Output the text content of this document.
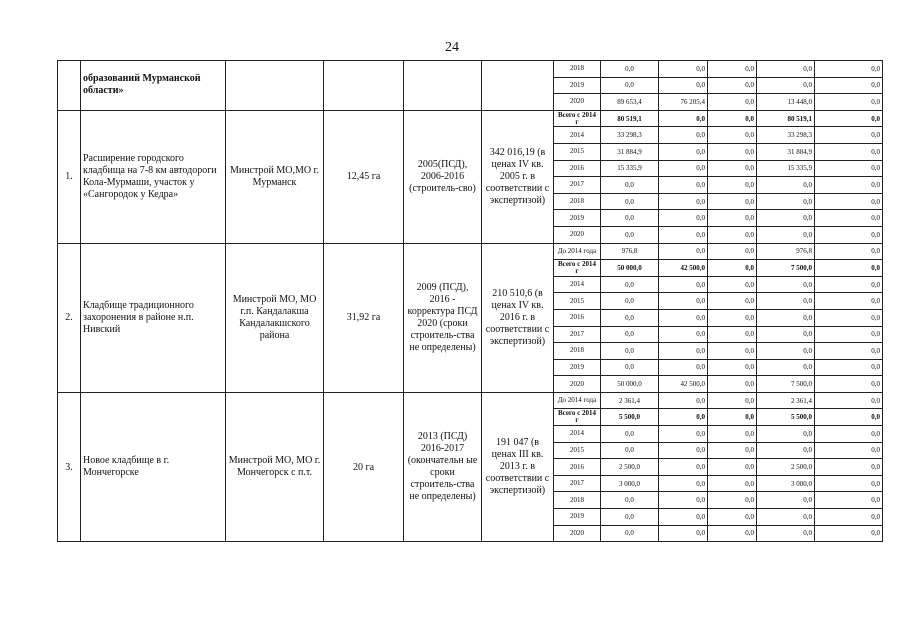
24
	образований Мурманской области»					2018	0,0	0,0	0,0	0,0	0,0
						2019	0,0	0,0	0,0	0,0	0,0
						2020	89 653,4	76 205,4	0,0	13 448,0	0,0
1.	Расширение городского кладбища на 7-8 км автодороги Кола-Мурмаши, участок у «Сангородок у Кедра»	Минстрой МО,МО г. Мурманск	12,45 га	2005(ПСД), 2006-2016 (строитель-сво)	342 016,19 (в ценах IV кв. 2005 г. в соответствии с экспертизой)	Всего с 2014 г	80 519,1	0,0	0,0	80 519,1	0,0
						2014	33 298,3	0,0	0,0	33 298,3	0,0
						2015	31 884,9	0,0	0,0	31 884,9	0,0
						2016	15 335,9	0,0	0,0	15 335,9	0,0
						2017	0,0	0,0	0,0	0,0	0,0
						2018	0,0	0,0	0,0	0,0	0,0
						2019	0,0	0,0	0,0	0,0	0,0
						2020	0,0	0,0	0,0	0,0	0,0
2.	Кладбище традиционного захоронения в районе н.п. Нивский	Минстрой МО, МО г.п. Кандалакша Кандалакшского района	31,92 га	2009 (ПСД), 2016 - корректура ПСД 2020 (сроки строитель-ства не определены)	210 510,6 (в ценах IV кв. 2016 г. в соответствии с экспертизой)	До 2014 года	976,8	0,0	0,0	976,8	0,0
						Всего с 2014 г	50 000,0	42 500,0	0,0	7 500,0	0,0
						2014	0,0	0,0	0,0	0,0	0,0
						2015	0,0	0,0	0,0	0,0	0,0
						2016	0,0	0,0	0,0	0,0	0,0
						2017	0,0	0,0	0,0	0,0	0,0
						2018	0,0	0,0	0,0	0,0	0,0
						2019	0,0	0,0	0,0	0,0	0,0
						2020	50 000,0	42 500,0	0,0	7 500,0	0,0
3.	Новое кладбище в г. Мончегорске	Минстрой МО, МО г. Мончегорск с п.т.	20 га	2013 (ПСД) 2016-2017 (окончательн ые сроки строитель-ства не определены)	191 047 (в ценах III кв. 2013 г. в соответствии с экспертизой)	До 2014 года	2 361,4	0,0	0,0	2 361,4	0,0
						Всего с 2014 г	5 500,0	0,0	0,0	5 500,0	0,0
						2014	0,0	0,0	0,0	0,0	0,0
						2015	0,0	0,0	0,0	0,0	0,0
						2016	2 500,0	0,0	0,0	2 500,0	0,0
						2017	3 000,0	0,0	0,0	3 000,0	0,0
						2018	0,0	0,0	0,0	0,0	0,0
						2019	0,0	0,0	0,0	0,0	0,0
						2020	0,0	0,0	0,0	0,0	0,0
